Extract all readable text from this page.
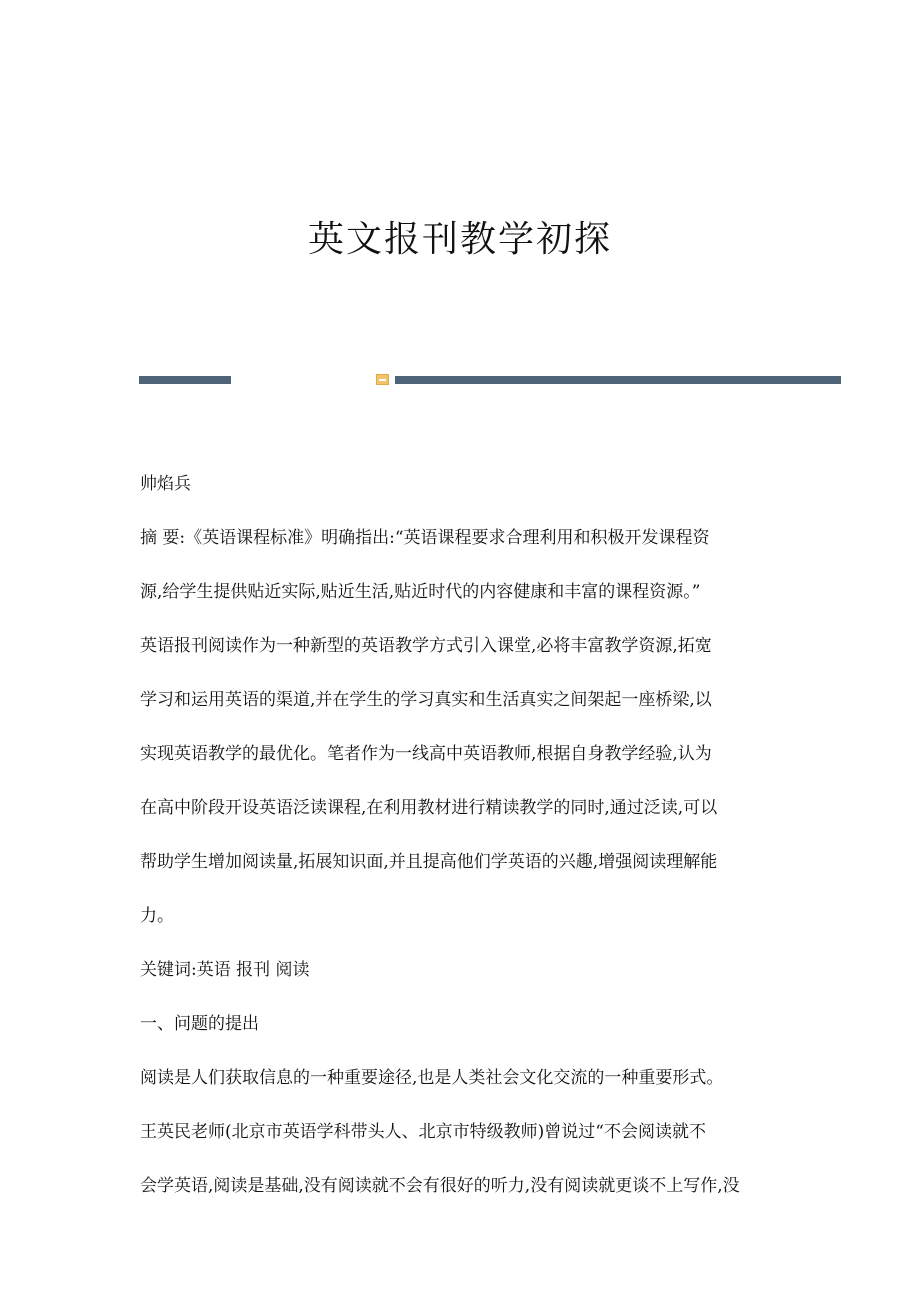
英文报刊教学初探
帅焰兵
摘 要:《英语课程标准》明确指出:“英语课程要求合理利用和积极开发课程资
源,给学生提供贴近实际,贴近生活,贴近时代的内容健康和丰富的课程资源。”
英语报刊阅读作为一种新型的英语教学方式引入课堂,必将丰富教学资源,拓宽
学习和运用英语的渠道,并在学生的学习真实和生活真实之间架起一座桥梁,以
实现英语教学的最优化。笔者作为一线高中英语教师,根据自身教学经验,认为
在高中阶段开设英语泛读课程,在利用教材进行精读教学的同时,通过泛读,可以
帮助学生增加阅读量,拓展知识面,并且提高他们学英语的兴趣,增强阅读理解能
力。
关键词:英语 报刊 阅读
一、问题的提出
阅读是人们获取信息的一种重要途径,也是人类社会文化交流的一种重要形式。
王英民老师(北京市英语学科带头人、北京市特级教师)曾说过“不会阅读就不
会学英语,阅读是基础,没有阅读就不会有很好的听力,没有阅读就更谈不上写作,没
